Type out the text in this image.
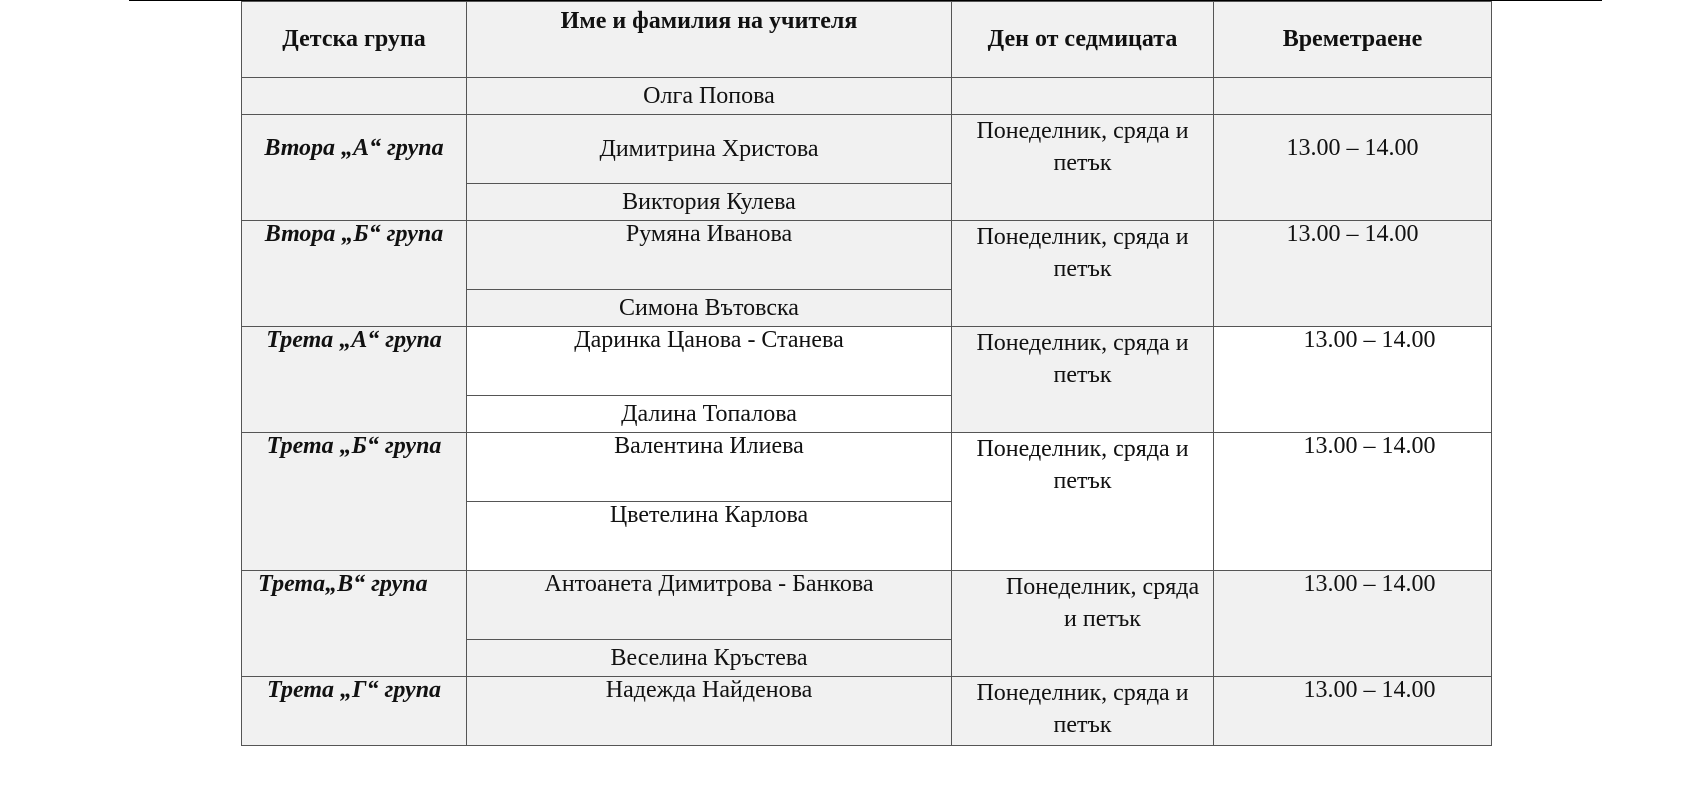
Детска група	Име и фамилия на учителя	Ден от седмицата	Времетраене
	Олга Попова		
Втора „А“ група	Димитрина Христова	Понеделник, сряда и петък	13.00 – 14.00
	Виктория Кулева		
Втора „Б“ група	Румяна Иванова	Понеделник, сряда и петък	13.00 – 14.00
	Симона Вътовска		
Трета „А“ група	Даринка Цанова - Станева	Понеделник, сряда и петък	13.00 – 14.00
	Далина Топалова		
Трета „Б“ група	Валентина Илиева	Понеделник, сряда и петък	13.00 – 14.00
	Цветелина Карлова		
Трета„В“ група	Антоанета Димитрова - Банкова	Понеделник, сряда и петък	13.00 – 14.00
	Веселина Кръстева		
Трета „Г“ група	Надежда Найденова	Понеделник, сряда и петък	13.00 – 14.00
